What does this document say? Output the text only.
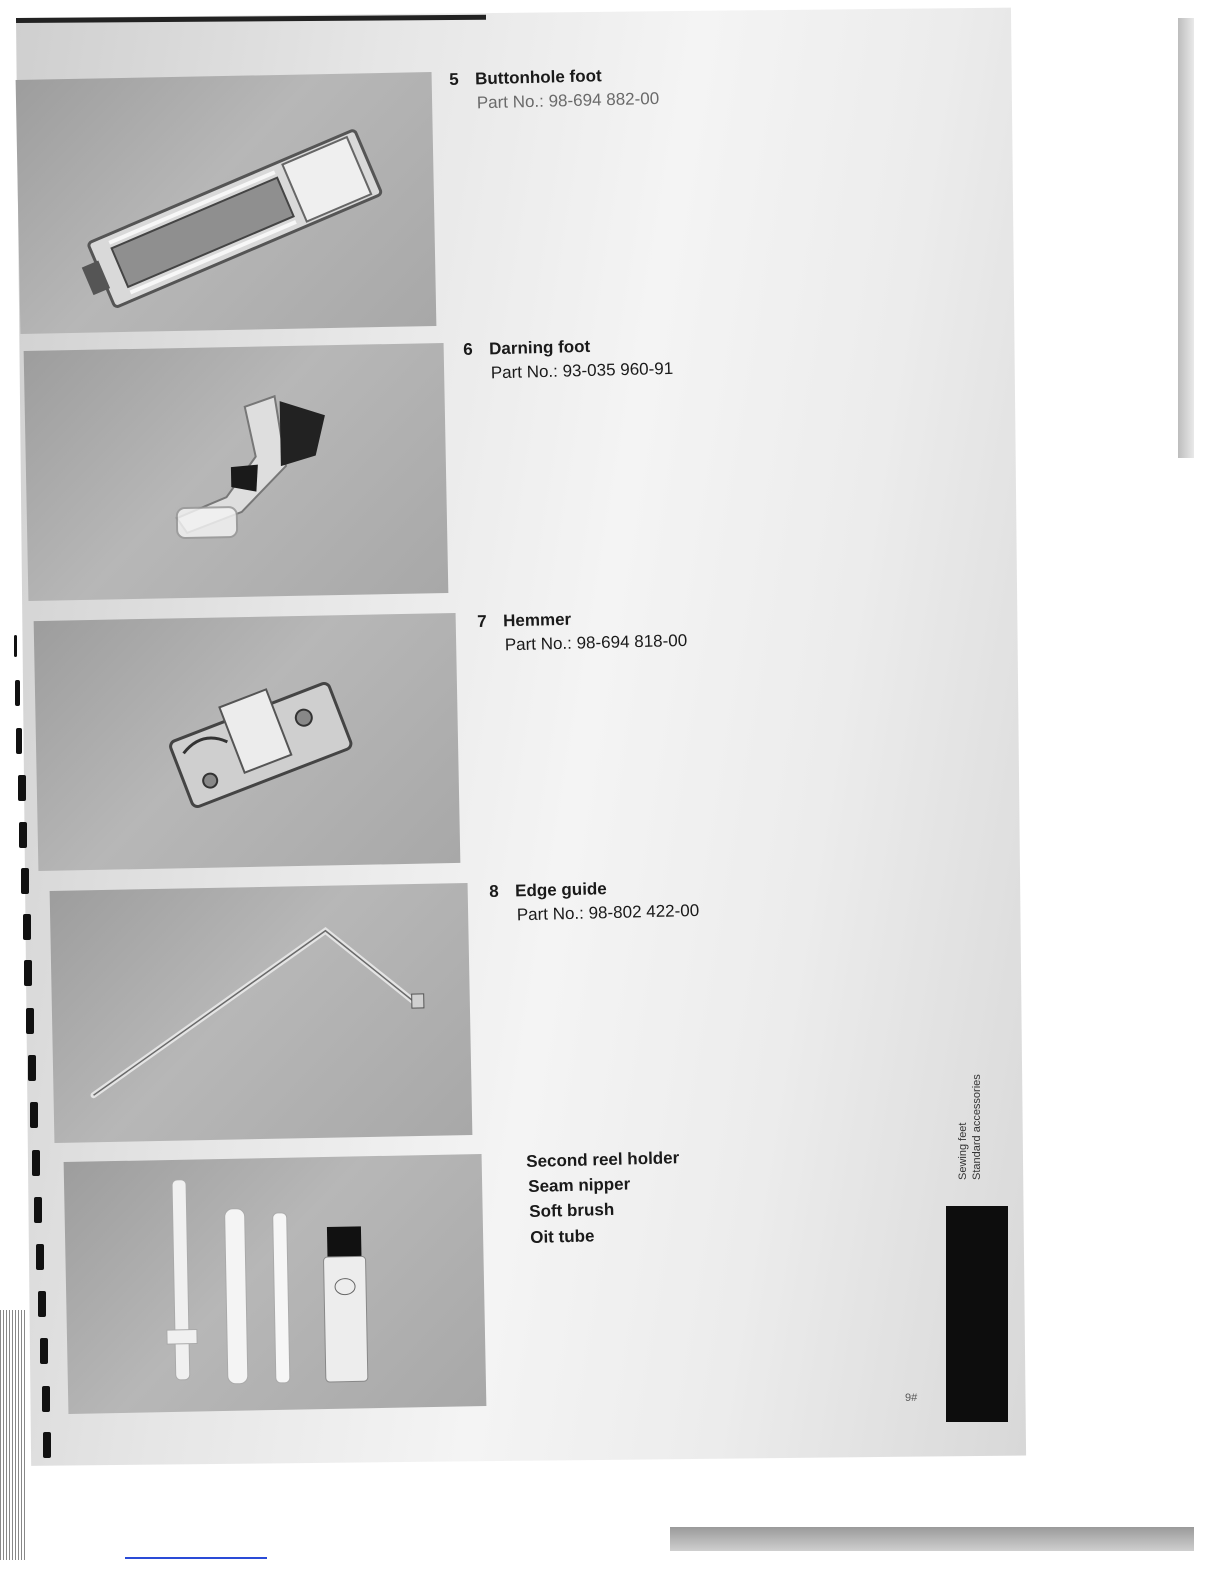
5 Buttonhole foot
Part No.: 98-694 882-00
6 Darning foot
Part No.: 93-035 960-91
7 Hemmer
Part No.: 98-694 818-00
8 Edge guide
Part No.: 98-802 422-00
Second reel holder
Seam nipper
Soft brush
Oit tube
Sewing feet Standard accessories
9#
